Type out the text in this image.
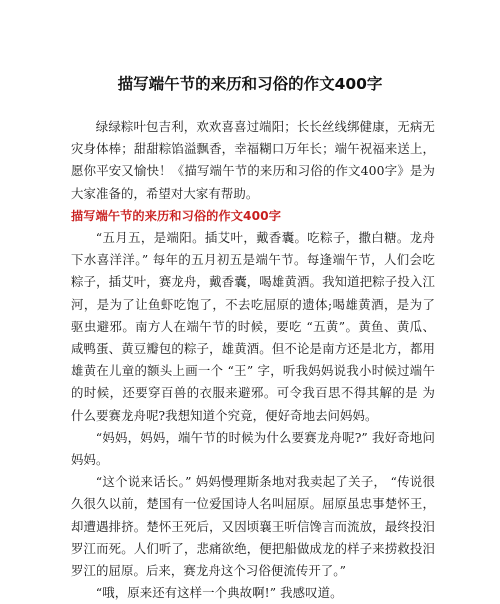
描写端午节的来历和习俗的作文400字

绿绿粽叶包吉利，欢欢喜喜过端阳；长长丝线绑健康，无病无灾身体棒；甜甜粽馅溢飘香，幸福糊口万年长；端午祝福来送上，愿你平安又愉快！《描写端午节的来历和习俗的作文400字》是为大家准备的，希望对大家有帮助。

描写端午节的来历和习俗的作文400字

“五月五，是端阳。插艾叶，戴香囊。吃粽子，撒白糖。龙舟下水喜洋洋。” 每年的五月初五是端午节。每逢端午节，人们会吃粽子，插艾叶，赛龙舟，戴香囊，喝雄黄酒。我知道把粽子投入江河，是为了让鱼虾吃饱了，不去吃屈原的遗体;喝雄黄酒，是为了驱虫避邪。南方人在端午节的时候，要吃 “五黄”。黄鱼、黄瓜、咸鸭蛋、黄豆瓣包的粽子，雄黄酒。但不论是南方还是北方，都用雄黄在儿童的额头上画一个 “王” 字，听我妈妈说我小时候过端午的时候，还要穿百兽的衣服来避邪。可令我百思不得其解的是 为什么要赛龙舟呢?我想知道个究竟，便好奇地去问妈妈。

“妈妈，妈妈，端午节的时候为什么要赛龙舟呢?” 我好奇地问妈妈。

“这个说来话长。” 妈妈慢理斯条地对我卖起了关子， “传说很久很久以前，楚国有一位爱国诗人名叫屈原。屈原虽忠事楚怀王，却遭遇排挤。楚怀王死后，又因顷襄王听信馋言而流放，最终投汨罗江而死。人们听了，悲痛欲绝，便把船做成龙的样子来捞救投汨罗江的屈原。后来，赛龙舟这个习俗便流传开了。”

“哦，原来还有这样一个典故啊!” 我感叹道。
